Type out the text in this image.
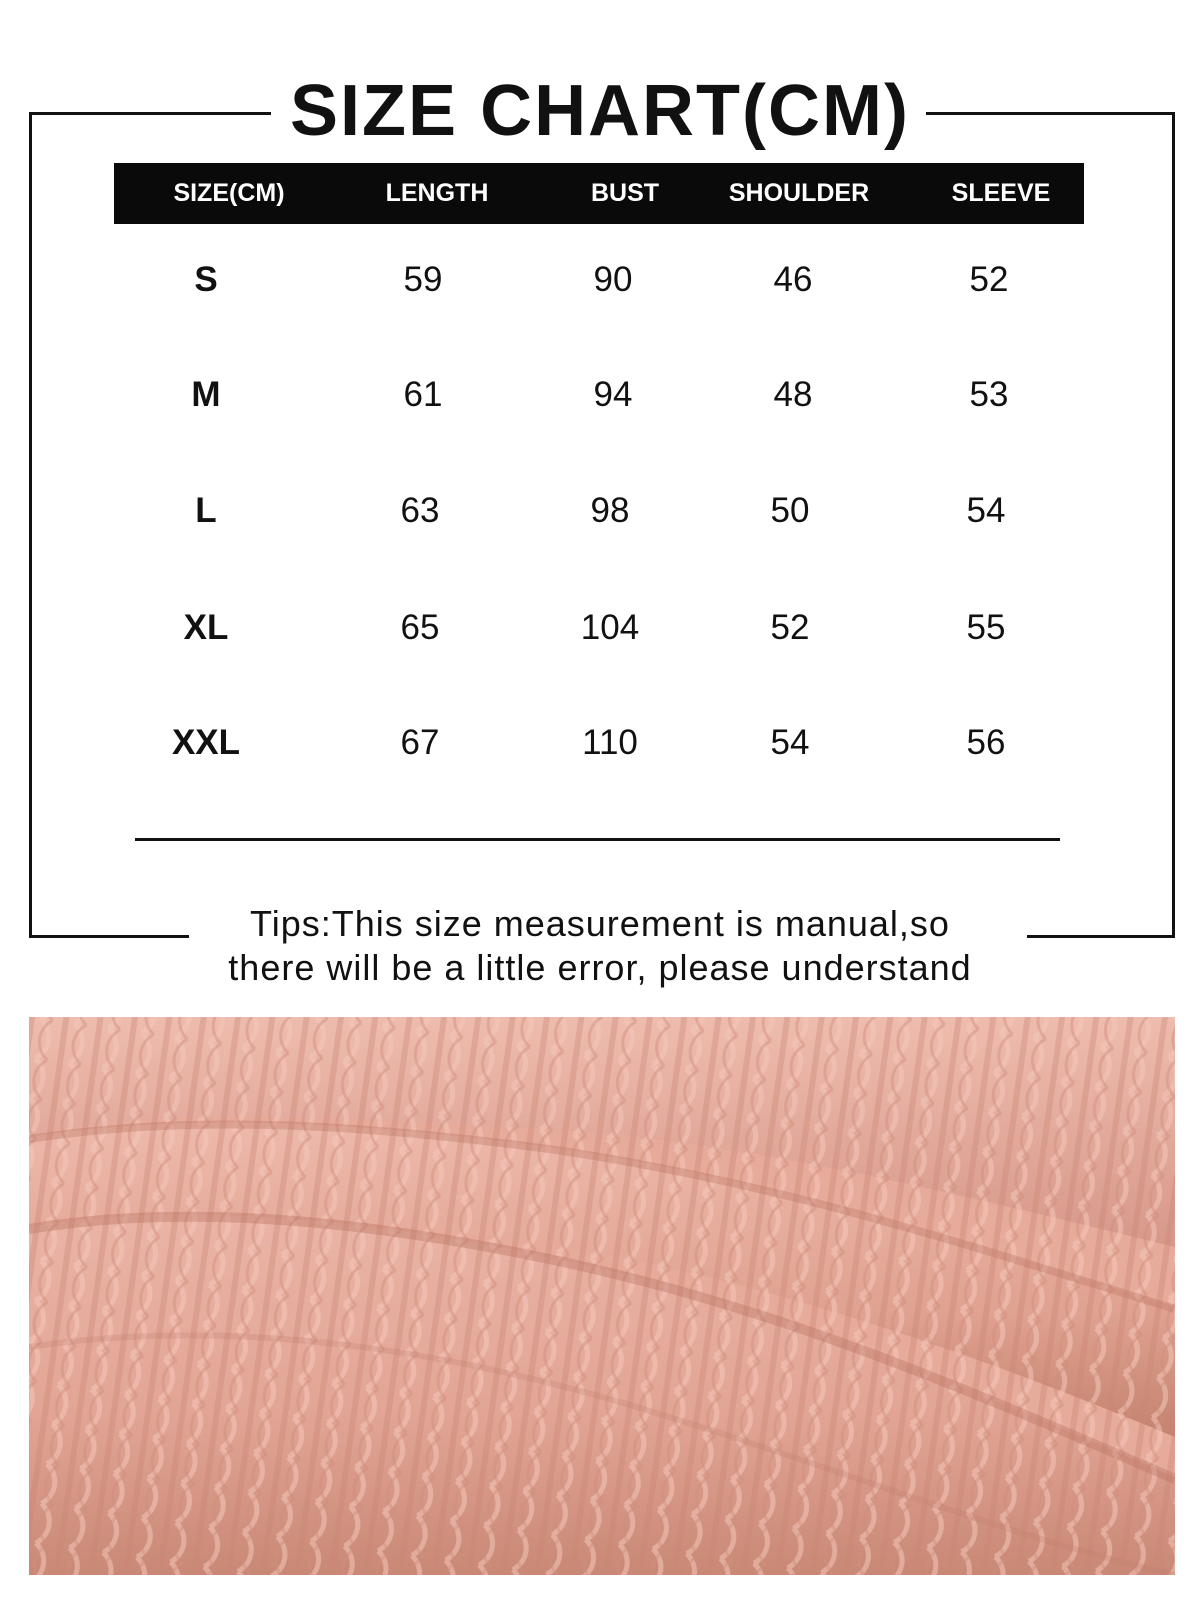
SIZE CHART(CM)
SIZE(CM)	LENGTH	BUST	SHOULDER	SLEEVE
S	59	90	46	52
M	61	94	48	53
L	63	98	50	54
XL	65	104	52	55
XXL	67	110	54	56
Tips:This size measurement is manual,so
there will be a little error, please understand
